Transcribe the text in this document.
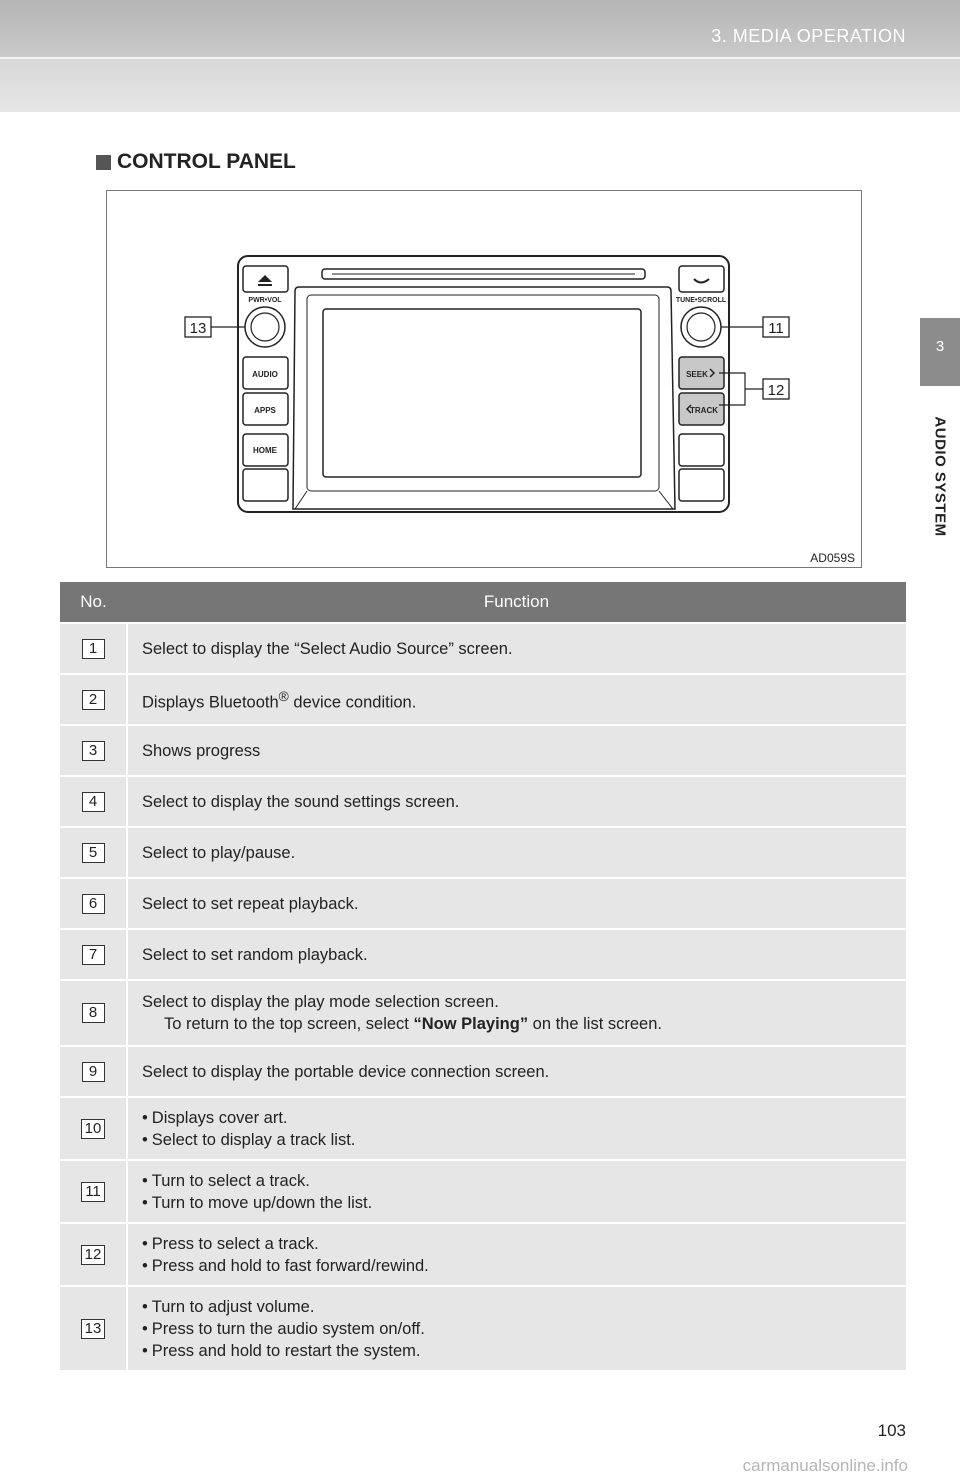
3. MEDIA OPERATION
3
AUDIO SYSTEM
CONTROL PANEL
PWR•VOL
AUDIO
APPS
HOME
TUNE•SCROLL
SEEK
TRACK
13	11
12
AD059S
No.	Function
1	Select to display the “Select Audio Source” screen.
2	Displays Bluetooth® device condition.
3	Shows progress
4	Select to display the sound settings screen.
5	Select to play/pause.
6	Select to set repeat playback.
7	Select to set random playback.
8	Select to display the play mode selection screen.
To return to the top screen, select “Now Playing” on the list screen.

9	Select to display the portable device connection screen.
10	• Displays cover art.
• Select to display a track list.

11	• Turn to select a track.
• Turn to move up/down the list.

12	• Press to select a track.
• Press and hold to fast forward/rewind.

13	• Turn to adjust volume.
• Press to turn the audio system on/off.
• Press and hold to restart the system.
103
carmanualsonline.info
